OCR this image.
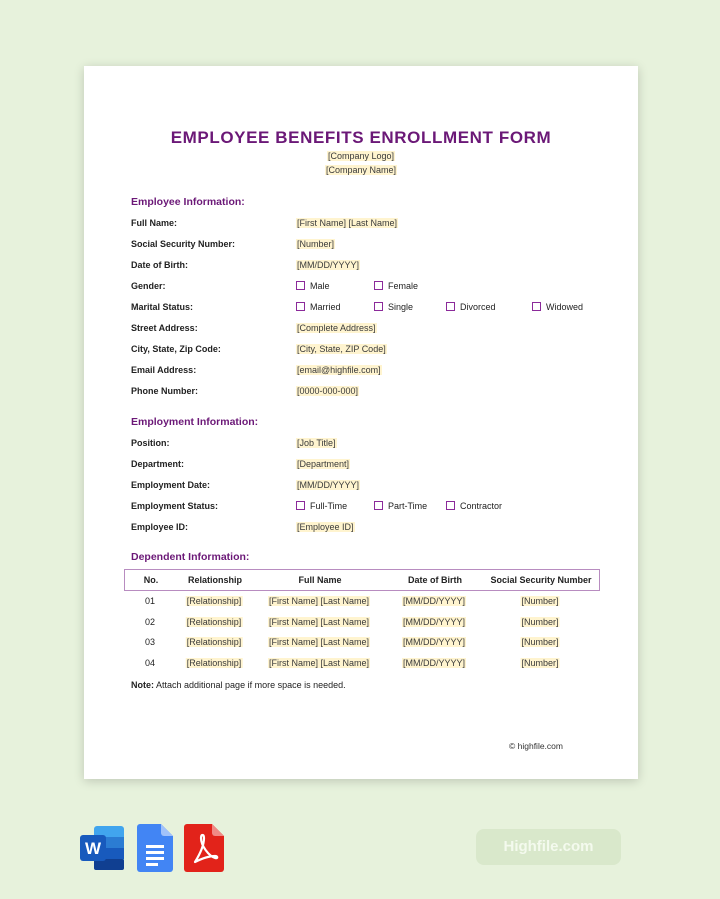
EMPLOYEE BENEFITS ENROLLMENT FORM
[Company Logo]
[Company Name]
Employee Information:
Full Name:	[First Name] [Last Name]
Social Security Number:	[Number]
Date of Birth:	[MM/DD/YYYY]
Gender:	Male	Female
Marital Status:	Married	Single	Divorced	Widowed
Street Address:	[Complete Address]
City, State, Zip Code:	[City, State, ZIP Code]
Email Address:	[email@highfile.com]
Phone Number:	[0000-000-000]
Employment Information:
Position:	[Job Title]
Department:	[Department]
Employment Date:	[MM/DD/YYYY]
Employment Status:	Full-Time	Part-Time	Contractor
Employee ID:	[Employee ID]
Dependent Information:
No.	Relationship	Full Name	Date of Birth	Social Security Number
01	[Relationship]	[First Name] [Last Name]	[MM/DD/YYYY]	[Number]
02	[Relationship]	[First Name] [Last Name]	[MM/DD/YYYY]	[Number]
03	[Relationship]	[First Name] [Last Name]	[MM/DD/YYYY]	[Number]
04	[Relationship]	[First Name] [Last Name]	[MM/DD/YYYY]	[Number]
Note: Attach additional page if more space is needed.
© highfile.com
W	Highfile.com
